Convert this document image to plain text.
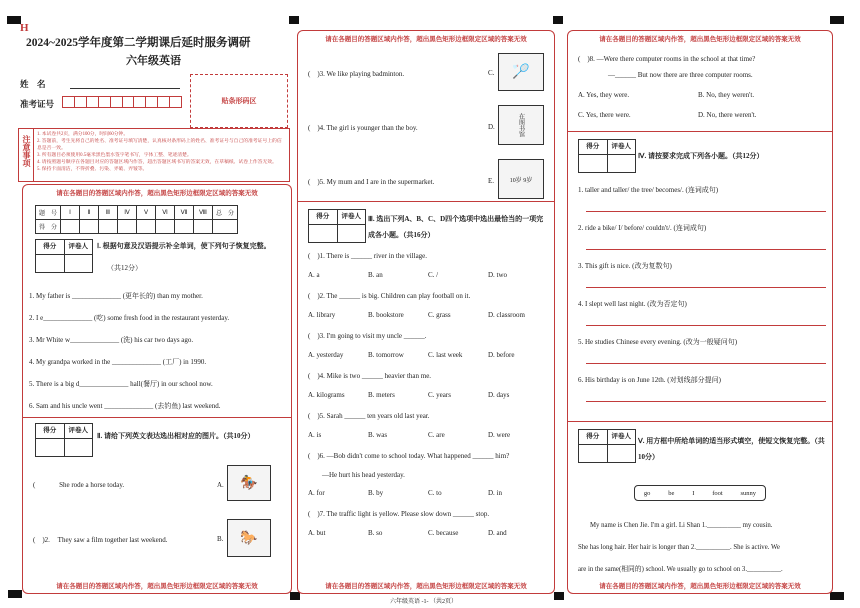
H
2024~2025学年度第二学期课后延时服务调研
六年级英语
姓　名
准考证号	贴条形码区
注意事项
1. 本试卷共2页，满分100分，时间60分钟。
2. 答题前，考生先将自己的姓名、准考证号填写清楚，认真核对条形码上的姓名、准考证号与自己的准考证号上的信息是否一致。
3. 所有题目必须使用0.5毫米黑色墨水签字笔书写，字体工整、笔迹清楚。
4. 请按照题号顺序在各题目对应的答题区域内作答，超出答题区域书写的答案无效，在草稿纸、试卷上作答无效。
5. 保持卡面清洁，不得折叠、污染、弄破、弄皱等。
请在各题目的答题区域内作答，超出黑色矩形边框限定区域的答案无效
题　号	Ⅰ	Ⅱ	Ⅲ	Ⅳ	Ⅴ	Ⅵ	Ⅶ	Ⅷ	总　分
得　分									
得分	评卷人	Ⅰ. 根据句意及汉语提示补全单词，使下列句子恢复完整。
（共12分）
1. My father is ______________ (更年长的) than my mother.
2. I e______________ (吃) some fresh food in the restaurant yesterday.
3. Mr White w______________ (洗) his car two days ago.
4. My grandpa worked in the ______________ (工厂) in 1990.
5. There is a big d______________ hall(餐厅) in our school now.
6. Sam and his uncle went ______________ (去钓鱼) last weekend.
得分	评卷人
Ⅱ. 请给下列英文表达选出相对应的图片。（共10分）
(	She rode a horse today.	A.	🏇
(　)2. They saw a film together last weekend.	B.	🐎
请在各题目的答题区域内作答，超出黑色矩形边框限定区域的答案无效
请在各题目的答题区域内作答，超出黑色矩形边框限定区域的答案无效
(　)3. We like playing badminton.	C.	🏸
(　)4. The girl is younger than the boy.	D.	在图书馆
(　)5. My mum and I are in the supermarket.	E.	10岁 9岁
得分	评卷人	Ⅲ. 选出下列A、B、C、D四个选项中选出最恰当的一项完成各小题。（共16分）
(　)1. There is ______ river in the village.
A. a	B. an	C. /	D. two
(　)2. The ______ is big. Children can play football on it.
A. library	B. bookstore	C. grass	D. classroom
(　)3. I'm going to visit my uncle ______.
A. yesterday	B. tomorrow	C. last week	D. before
(　)4. Mike is two ______ heavier than me.
A. kilograms	B. meters	C. years	D. days
(　)5. Sarah ______ ten years old last year.
A. is	B. was	C. are	D. were
(　)6. —Bob didn't come to school today. What happened ______ him?
—He hurt his head yesterday.
A. for	B. by	C. to	D. in
(　)7. The traffic light is yellow. Please slow down ______ stop.
A. but	B. so	C. because	D. and
请在各题目的答题区域内作答，超出黑色矩形边框限定区域的答案无效
请在各题目的答题区域内作答，超出黑色矩形边框限定区域的答案无效
(　)8. —Were there computer rooms in the school at that time?
—______ But now there are three computer rooms.
A. Yes, they were.	B. No, they weren't.
C. Yes, there were.	D. No, there weren't.
得分	评卷人
Ⅳ. 请按要求完成下列各小题。（共12分）
1. taller and taller/ the tree/ becomes/. (连词成句)
2. ride a bike/ I/ before/ couldn't/. (连词成句)
3. This gift is nice. (改为复数句)
4. I slept well last night. (改为否定句)
5. He studies Chinese every evening. (改为一般疑问句)
6. His birthday is on June 12th. (对划线部分提问)
得分	评卷人
Ⅴ. 用方框中所给单词的适当形式填空，使短文恢复完整。（共10分）
go	be	I	foot	sunny
My name is Chen Jie. I'm a girl. Li Shan 1.__________ my cousin.
She has long hair. Her hair is longer than 2.__________. She is active. We
are in the same(相同的) school. We usually go to school on 3.__________.
请在各题目的答题区域内作答，超出黑色矩形边框限定区域的答案无效
六年级英语 -1- （共2页）
